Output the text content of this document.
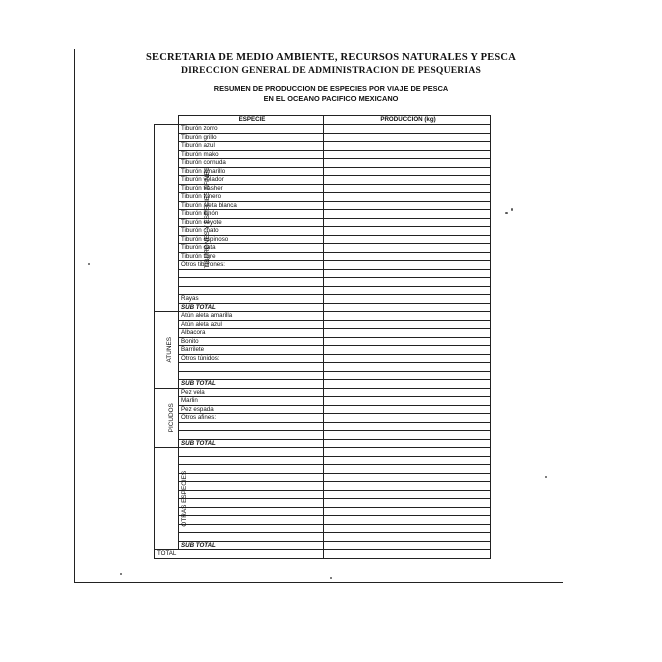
SECRETARIA DE MEDIO AMBIENTE, RECURSOS NATURALES Y PESCA
DIRECCION GENERAL DE ADMINISTRACION DE PESQUERIAS
RESUMEN DE PRODUCCION DE ESPECIES POR VIAJE DE PESCA
EN EL OCEANO PACIFICO MEXICANO
	ESPECIE	PRODUCCION (kg)
TIBURONES Y ESPECIES AFINES	Tiburón zorro	
	Tiburón grillo	
	Tiburón azul	
	Tiburón mako	
	Tiburón cornuda	
	Tiburón amarillo	
	Tiburón volador	
	Tiburón trasher	
	Tiburón tunero	
	Tiburón aleta blanca	
	Tiburón limón	
	Tiburón coyote	
	Tiburón chato	
	Tiburón espinoso	
	Tiburón gata	
	Tiburón tigre	
	Otros tiburones:	

	Rayas	
	SUB TOTAL	
ATUNES	Atún aleta amarilla	
	Atún aleta azul	
	Albacora	
	Bonito	
	Barrilete	
	Otros túnidos:	

	SUB TOTAL	
PICUDOS	Pez vela	
	Marlin	
	Pez espada	
	Otros afines:	

	SUB TOTAL	
OTRAS ESPECIES		

	SUB TOTAL	
TOTAL		
